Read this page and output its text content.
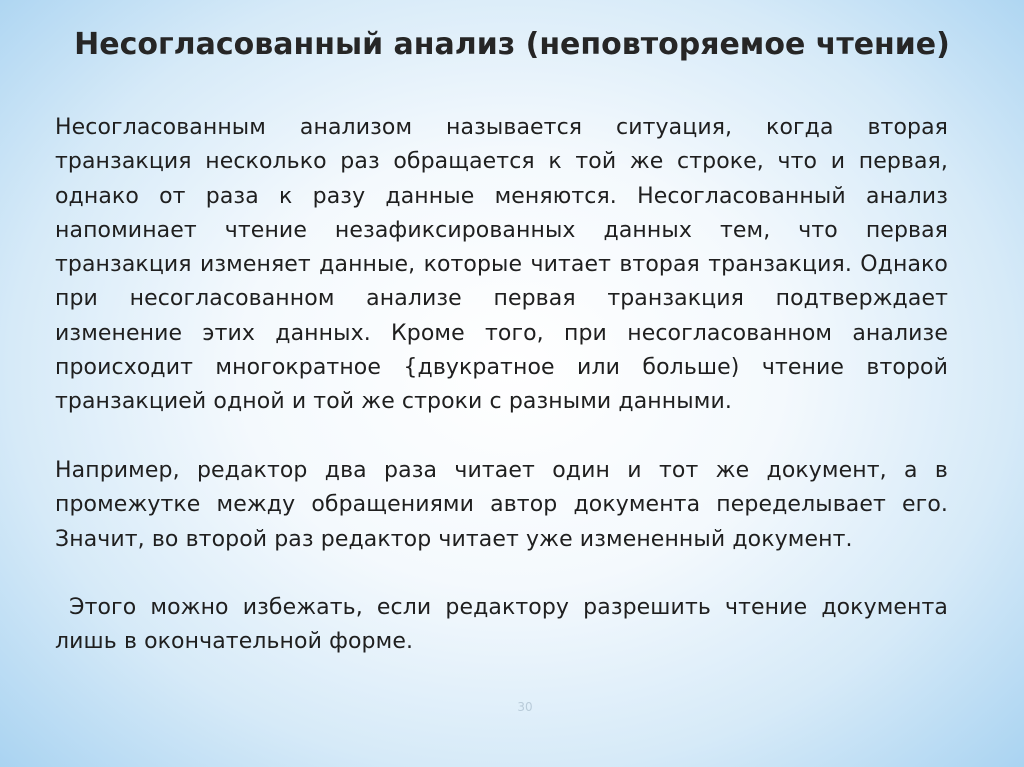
Несогласованный анализ (неповторяемое чтение)

Несогласованным анализом называется ситуация, когда вторая транзакция несколько раз обращается к той же строке, что и первая, однако от раза к разу данные меняются. Несогласованный анализ напоминает чтение незафиксированных данных тем, что первая транзакция изменяет данные, которые читает вторая транзакция. Однако при несогласованном анализе первая транзакция подтверждает изменение этих данных. Кроме того, при несогласованном анализе происходит многократное {двукратное или больше) чтение второй транзакцией одной и той же строки с разными данными.

Например, редактор два раза читает один и тот же документ, а в промежутке между обращениями автор документа переделывает его. Значит, во второй раз редактор читает уже измененный документ.

Этого можно избежать, если редактору разрешить чтение документа лишь в окончательной форме.

30
